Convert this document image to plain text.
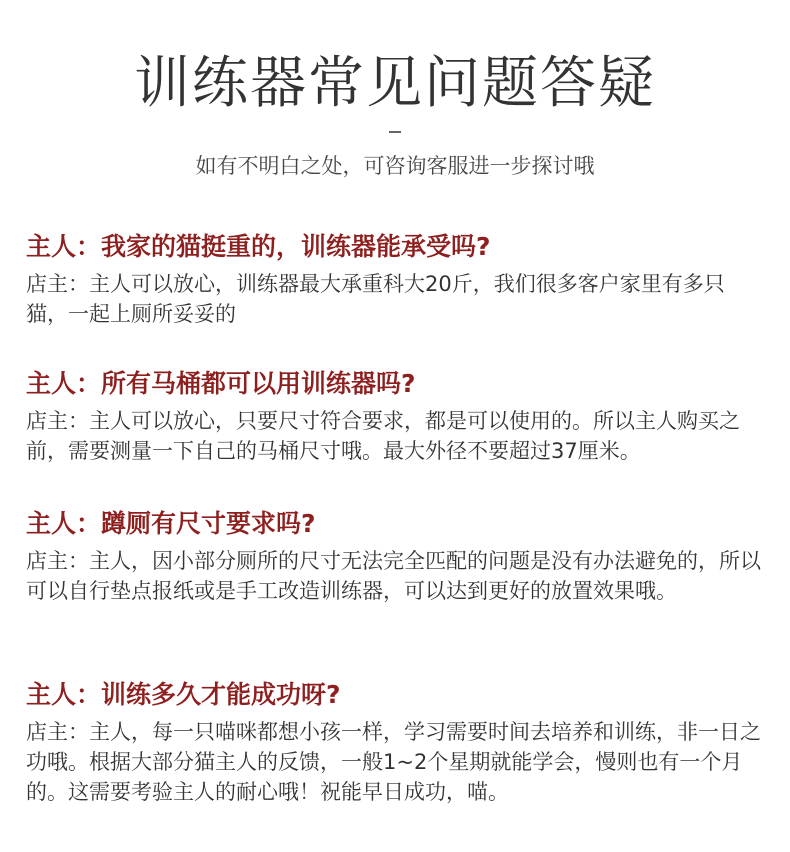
训练器常见问题答疑
如有不明白之处，可咨询客服进一步探讨哦

主人：我家的猫挺重的，训练器能承受吗?

店主：主人可以放心，训练器最大承重科大20斤，我们很多客户家里有多只猫，一起上厕所妥妥的

主人：所有马桶都可以用训练器吗?

店主：主人可以放心，只要尺寸符合要求，都是可以使用的。所以主人购买之前，需要测量一下自己的马桶尺寸哦。最大外径不要超过37厘米。

主人：蹲厕有尺寸要求吗?

店主：主人，因小部分厕所的尺寸无法完全匹配的问题是没有办法避免的，所以可以自行垫点报纸或是手工改造训练器，可以达到更好的放置效果哦。

主人：训练多久才能成功呀?

店主：主人，每一只喵咪都想小孩一样，学习需要时间去培养和训练，非一日之功哦。根据大部分猫主人的反馈，一般1~2个星期就能学会，慢则也有一个月的。这需要考验主人的耐心哦！祝能早日成功，喵。
